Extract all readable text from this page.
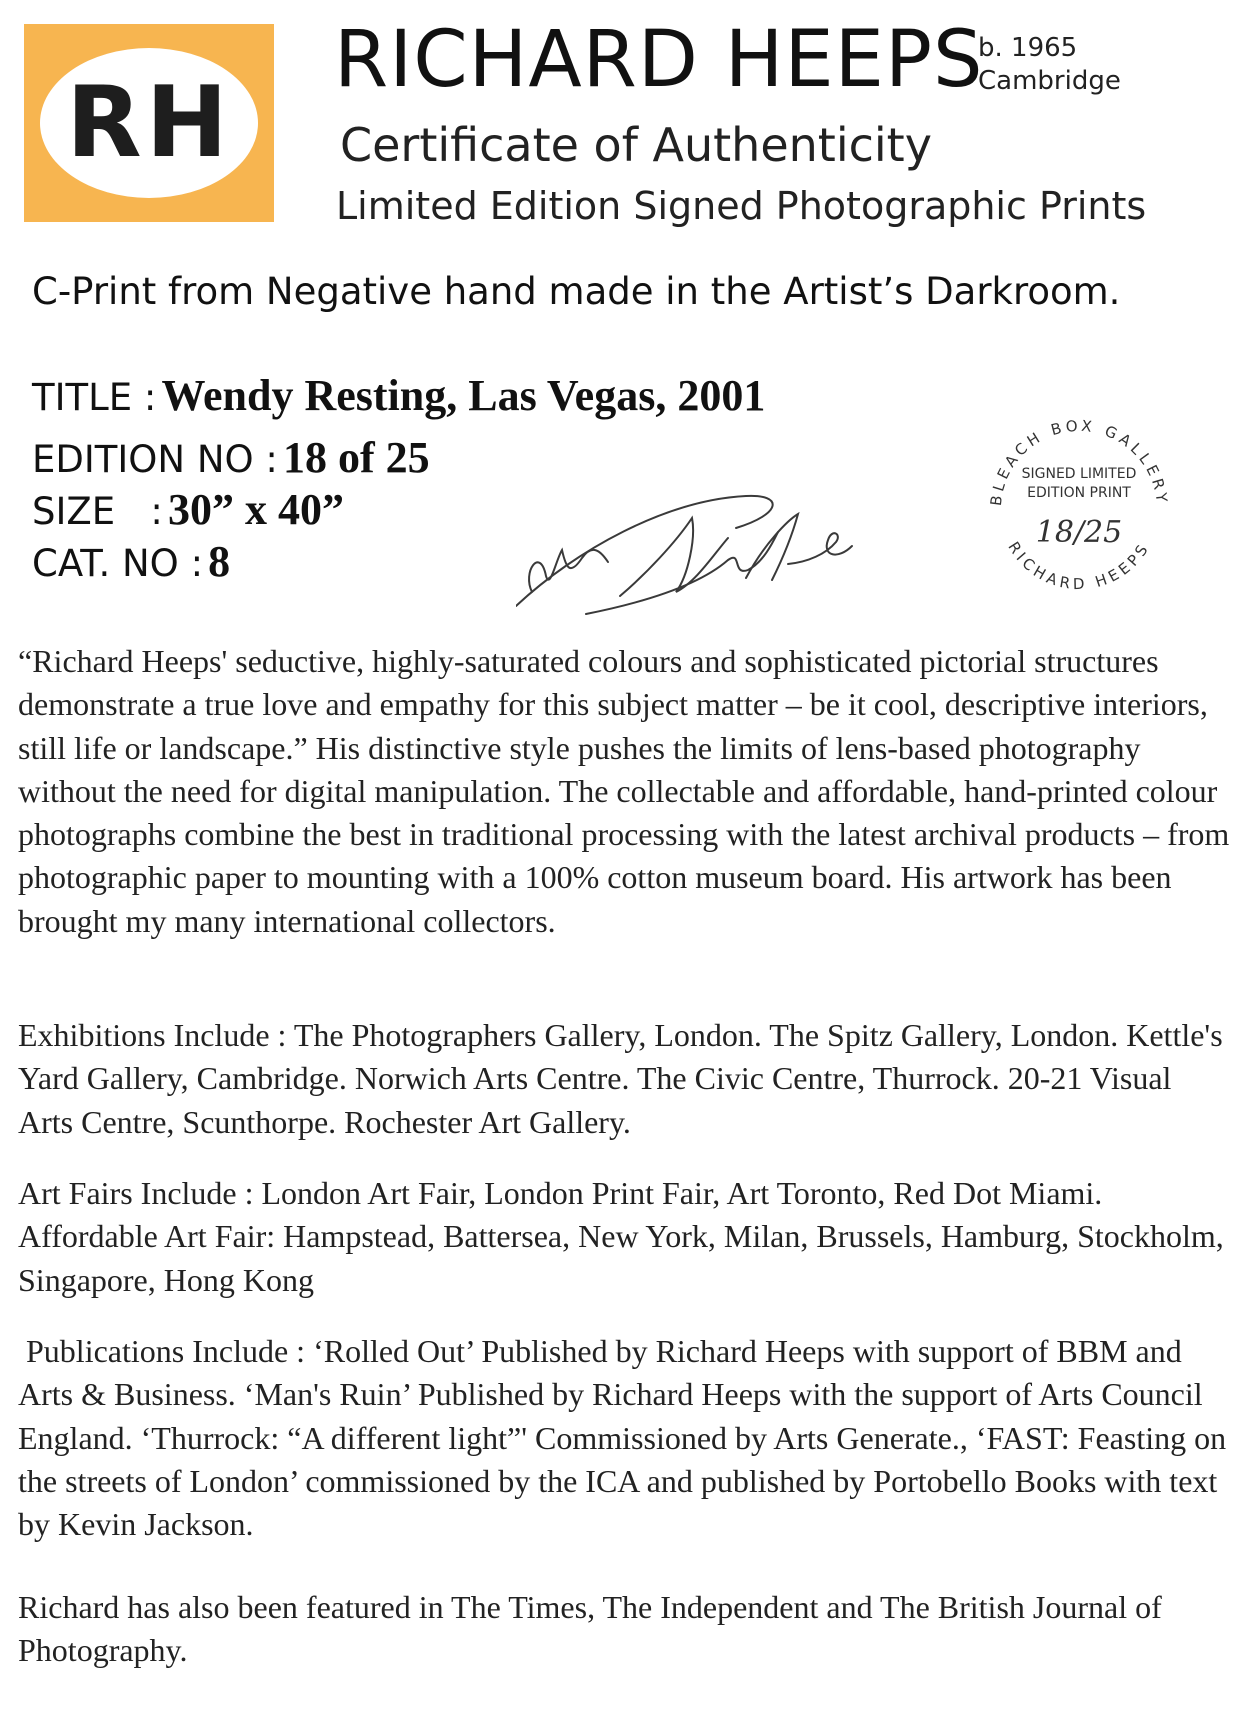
RH
RICHARD HEEPS
b. 1965
Cambridge
Certificate of Authenticity
Limited Edition Signed Photographic Prints
C-Print from Negative hand made in the Artist’s Darkroom.
TITLE : Wendy Resting, Las Vegas, 2001
EDITION NO : 18 of 25
SIZE   : 30” x 40”
CAT. NO : 8
BLEACH BOX GALLERY
RICHARD HEEPS
SIGNED LIMITED
EDITION PRINT
18/25

“Richard Heeps' seductive, highly-saturated colours and sophisticated pictorial structures demonstrate a true love and empathy for this subject matter – be it cool, descriptive interiors, still life or landscape.” His distinctive style pushes the limits of lens-based photography without the need for digital manipulation. The collectable and affordable, hand-printed colour photographs combine the best in traditional processing with the latest archival products – from photographic paper to mounting with a 100% cotton museum board. His artwork has been brought my many international collectors.

Exhibitions Include : The Photographers Gallery, London. The Spitz Gallery, London. Kettle's Yard Gallery, Cambridge. Norwich Arts Centre. The Civic Centre, Thurrock. 20-21 Visual Arts Centre, Scunthorpe. Rochester Art Gallery.

Art Fairs Include : London Art Fair, London Print Fair, Art Toronto, Red Dot Miami. Affordable Art Fair: Hampstead, Battersea, New York, Milan, Brussels, Hamburg, Stockholm, Singapore, Hong Kong

Publications Include : ‘Rolled Out’ Published by Richard Heeps with support of BBM and Arts & Business. ‘Man's Ruin’ Published by Richard Heeps with the support of Arts Council England. ‘Thurrock: “A different light”' Commissioned by Arts Generate., ‘FAST: Feasting on the streets of London’ commissioned by the ICA and published by Portobello Books with text by Kevin Jackson.

Richard has also been featured in The Times, The Independent and The British Journal of Photography.
